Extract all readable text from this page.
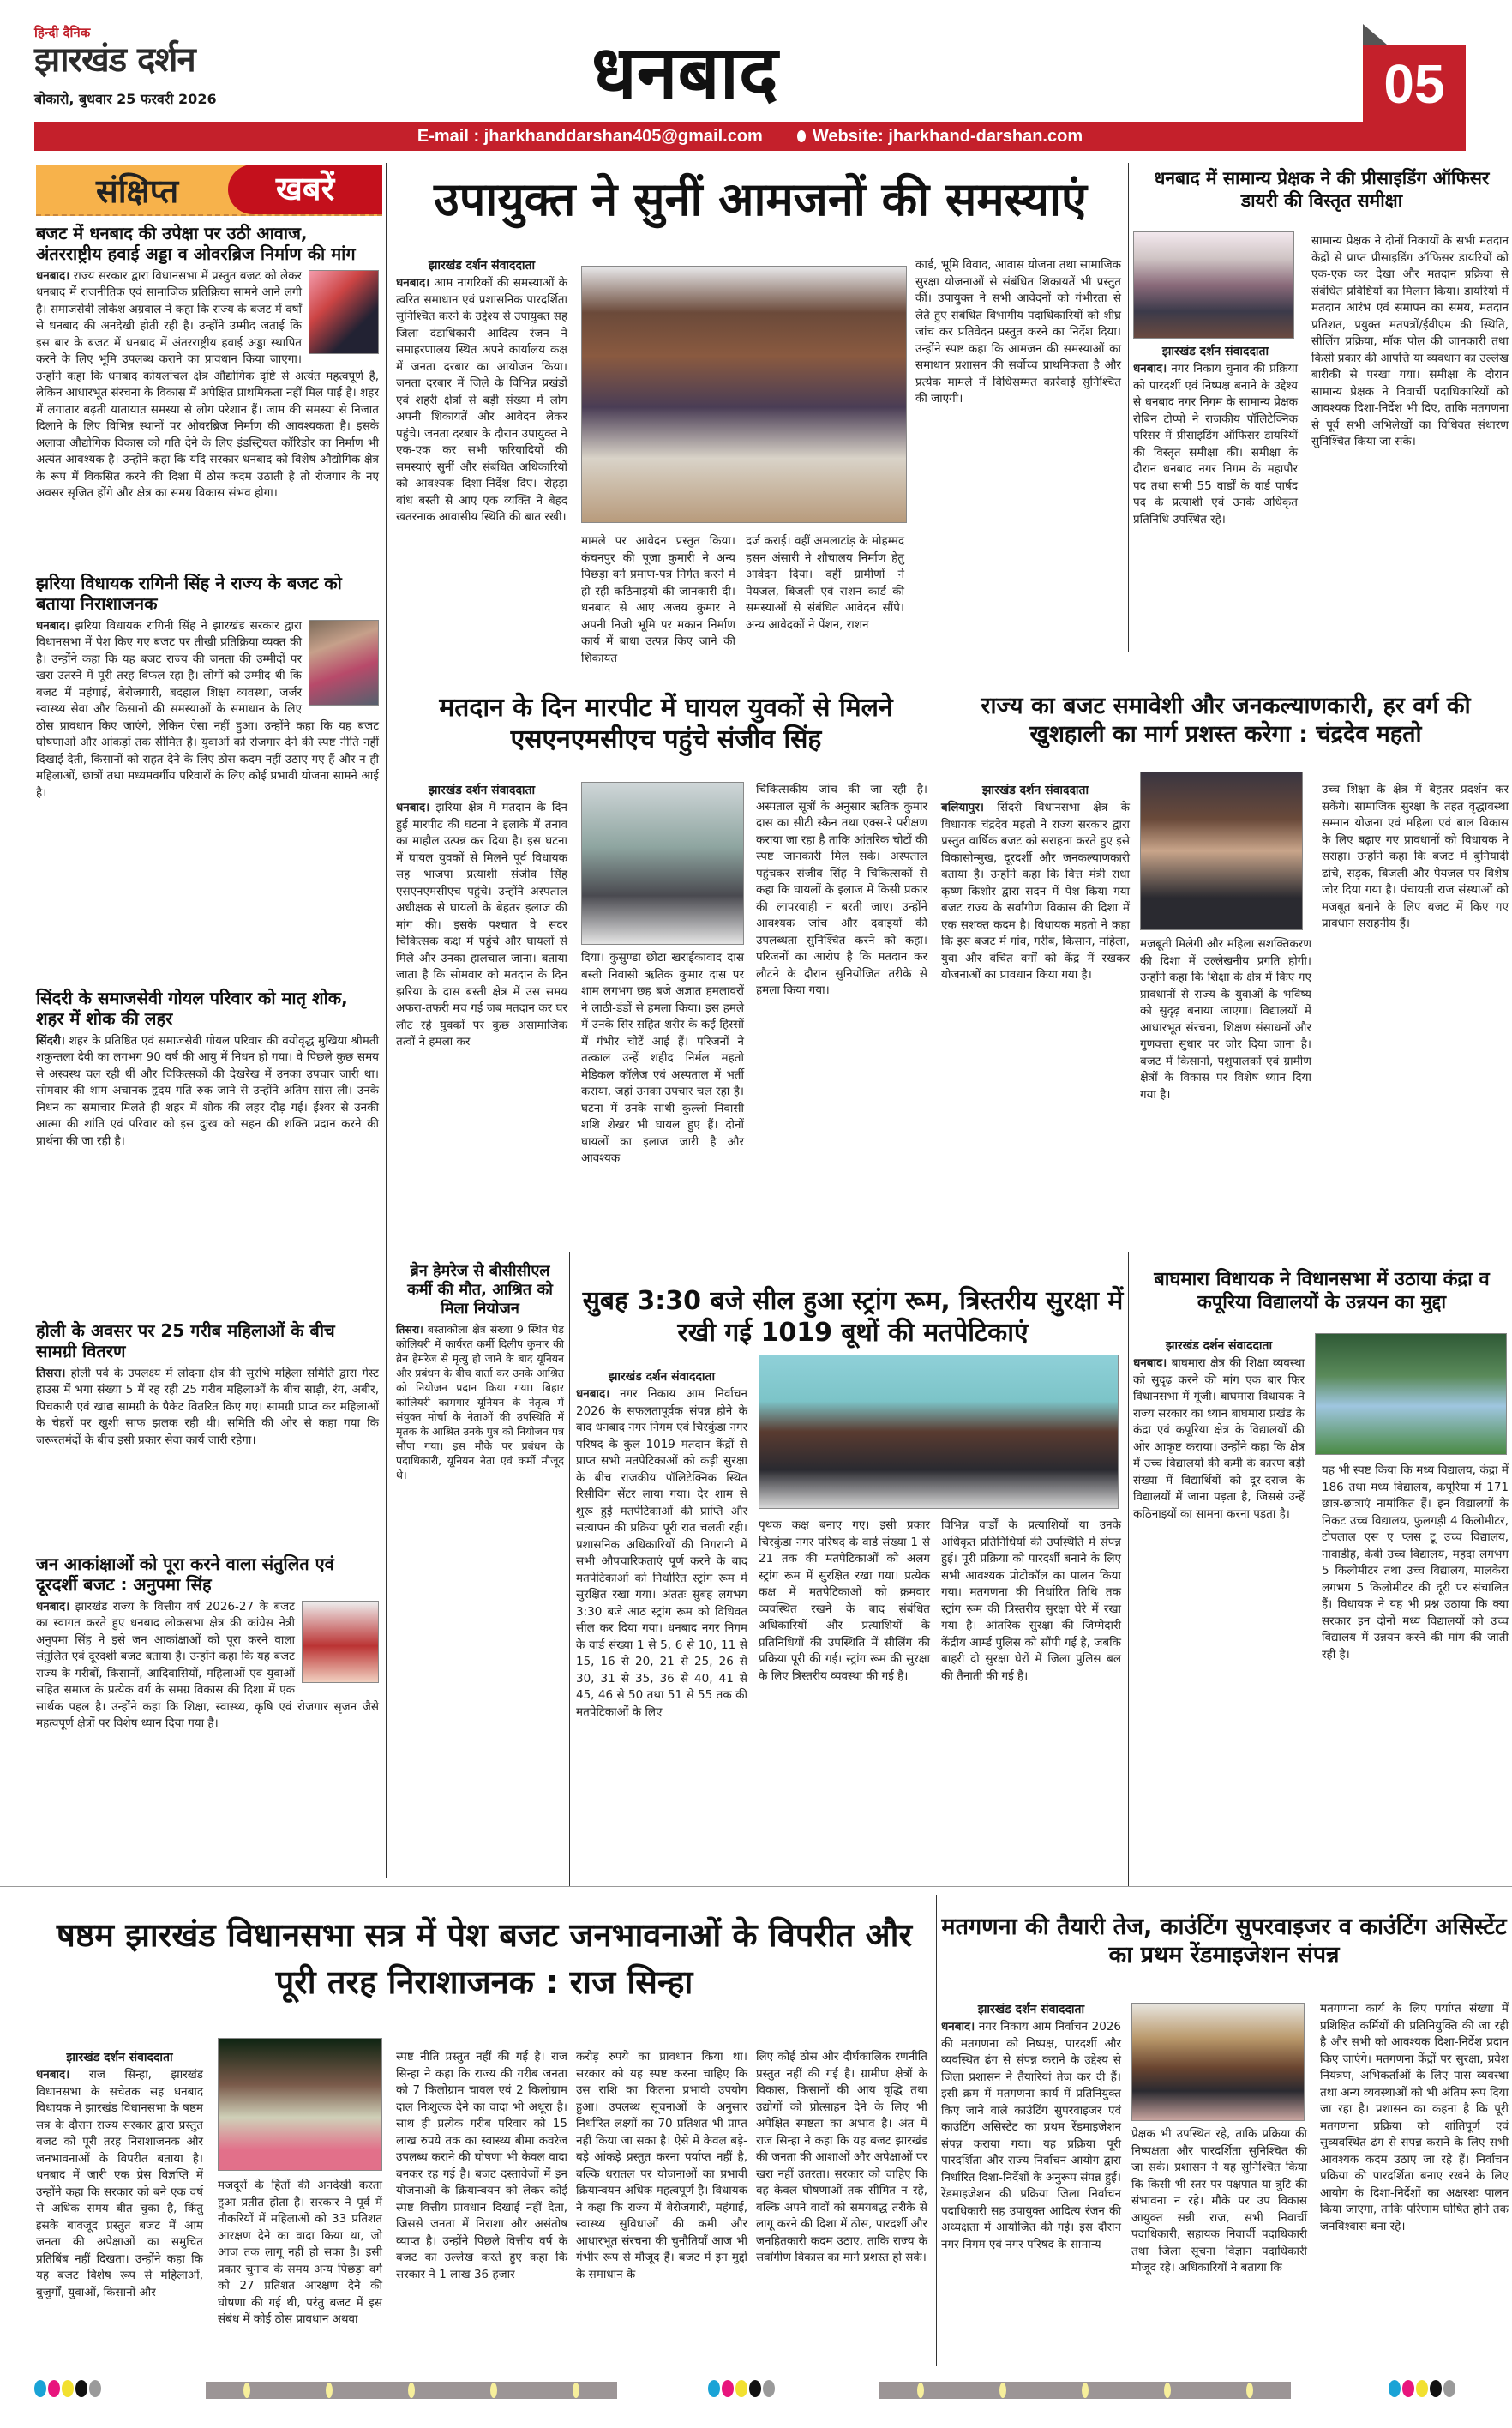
हिन्दी दैनिक
झारखंड दर्शन
बोकारो, बुधवार 25 फरवरी 2026	धनबाद	05
E-mail : jharkhanddarshan405@gmail.com	Website: jharkhand-darshan.com
संक्षिप्त	खबरें
बजट में धनबाद की उपेक्षा पर उठी आवाज, अंतरराष्ट्रीय हवाई अड्डा व ओवरब्रिज निर्माण की मांग

धनबाद। राज्य सरकार द्वारा विधानसभा में प्रस्तुत बजट को लेकर धनबाद में राजनीतिक एवं सामाजिक प्रतिक्रिया सामने आने लगी है। समाजसेवी लोकेश अग्रवाल ने कहा कि राज्य के बजट में वर्षों से धनबाद की अनदेखी होती रही है। उन्होंने उम्मीद जताई कि इस बार के बजट में धनबाद में अंतरराष्ट्रीय हवाई अड्डा स्थापित करने के लिए भूमि उपलब्ध कराने का प्रावधान किया जाएगा। उन्होंने कहा कि धनबाद कोयलांचल क्षेत्र औद्योगिक दृष्टि से अत्यंत महत्वपूर्ण है, लेकिन आधारभूत संरचना के विकास में अपेक्षित प्राथमिकता नहीं मिल पाई है। शहर में लगातार बढ़ती यातायात समस्या से लोग परेशान हैं। जाम की समस्या से निजात दिलाने के लिए विभिन्न स्थानों पर ओवरब्रिज निर्माण की आवश्यकता है। इसके अलावा औद्योगिक विकास को गति देने के लिए इंडस्ट्रियल कॉरिडोर का निर्माण भी अत्यंत आवश्यक है। उन्होंने कहा कि यदि सरकार धनबाद को विशेष औद्योगिक क्षेत्र के रूप में विकसित करने की दिशा में ठोस कदम उठाती है तो रोजगार के नए अवसर सृजित होंगे और क्षेत्र का समग्र विकास संभव होगा।

झरिया विधायक रागिनी सिंह ने राज्य के बजट को बताया निराशाजनक

धनबाद। झरिया विधायक रागिनी सिंह ने झारखंड सरकार द्वारा विधानसभा में पेश किए गए बजट पर तीखी प्रतिक्रिया व्यक्त की है। उन्होंने कहा कि यह बजट राज्य की जनता की उम्मीदों पर खरा उतरने में पूरी तरह विफल रहा है। लोगों को उम्मीद थी कि बजट में महंगाई, बेरोजगारी, बदहाल शिक्षा व्यवस्था, जर्जर स्वास्थ्य सेवा और किसानों की समस्याओं के समाधान के लिए ठोस प्रावधान किए जाएंगे, लेकिन ऐसा नहीं हुआ। उन्होंने कहा कि यह बजट घोषणाओं और आंकड़ों तक सीमित है। युवाओं को रोजगार देने की स्पष्ट नीति नहीं दिखाई देती, किसानों को राहत देने के लिए ठोस कदम नहीं उठाए गए हैं और न ही महिलाओं, छात्रों तथा मध्यमवर्गीय परिवारों के लिए कोई प्रभावी योजना सामने आई है।

सिंदरी के समाजसेवी गोयल परिवार को मातृ शोक, शहर में शोक की लहर

सिंदरी। शहर के प्रतिष्ठित एवं समाजसेवी गोयल परिवार की वयोवृद्ध मुखिया श्रीमती शकुन्तला देवी का लगभग 90 वर्ष की आयु में निधन हो गया। वे पिछले कुछ समय से अस्वस्थ चल रही थीं और चिकित्सकों की देखरेख में उनका उपचार जारी था। सोमवार की शाम अचानक हृदय गति रुक जाने से उन्होंने अंतिम सांस ली। उनके निधन का समाचार मिलते ही शहर में शोक की लहर दौड़ गई। ईश्वर से उनकी आत्मा की शांति एवं परिवार को इस दुःख को सहन की शक्ति प्रदान करने की प्रार्थना की जा रही है।

होली के अवसर पर 25 गरीब महिलाओं के बीच सामग्री वितरण

तिसरा। होली पर्व के उपलक्ष्य में लोदना क्षेत्र की सुरभि महिला समिति द्वारा गेस्ट हाउस में भगा संख्या 5 में रह रही 25 गरीब महिलाओं के बीच साड़ी, रंग, अबीर, पिचकारी एवं खाद्य सामग्री के पैकेट वितरित किए गए। सामग्री प्राप्त कर महिलाओं के चेहरों पर खुशी साफ झलक रही थी। समिति की ओर से कहा गया कि जरूरतमंदों के बीच इसी प्रकार सेवा कार्य जारी रहेगा।

जन आकांक्षाओं को पूरा करने वाला संतुलित एवं दूरदर्शी बजट : अनुपमा सिंह

धनबाद। झारखंड राज्य के वित्तीय वर्ष 2026-27 के बजट का स्वागत करते हुए धनबाद लोकसभा क्षेत्र की कांग्रेस नेत्री अनुपमा सिंह ने इसे जन आकांक्षाओं को पूरा करने वाला संतुलित एवं दूरदर्शी बजट बताया है। उन्होंने कहा कि यह बजट राज्य के गरीबों, किसानों, आदिवासियों, महिलाओं एवं युवाओं सहित समाज के प्रत्येक वर्ग के समग्र विकास की दिशा में एक सार्थक पहल है। उन्होंने कहा कि शिक्षा, स्वास्थ्य, कृषि एवं रोजगार सृजन जैसे महत्वपूर्ण क्षेत्रों पर विशेष ध्यान दिया गया है।

उपायुक्त ने सुनीं आमजनों की समस्याएं
झारखंड दर्शन संवाददाता

धनबाद। आम नागरिकों की समस्याओं के त्वरित समाधान एवं प्रशासनिक पारदर्शिता सुनिश्चित करने के उद्देश्य से उपायुक्त सह जिला दंडाधिकारी आदित्य रंजन ने समाहरणालय स्थित अपने कार्यालय कक्ष में जनता दरबार का आयोजन किया। जनता दरबार में जिले के विभिन्न प्रखंडों एवं शहरी क्षेत्रों से बड़ी संख्या में लोग अपनी शिकायतें और आवेदन लेकर पहुंचे। जनता दरबार के दौरान उपायुक्त ने एक-एक कर सभी फरियादियों की समस्याएं सुनीं और संबंधित अधिकारियों को आवश्यक दिशा-निर्देश दिए। रोहड़ा बांध बस्ती से आए एक व्यक्ति ने बेहद खतरनाक आवासीय स्थिति की बात रखी।

मामले पर आवेदन प्रस्तुत किया। कंचनपुर की पूजा कुमारी ने अन्य पिछड़ा वर्ग प्रमाण-पत्र निर्गत करने में हो रही कठिनाइयों की जानकारी दी। धनबाद से आए अजय कुमार ने अपनी निजी भूमि पर मकान निर्माण कार्य में बाधा उत्पन्न किए जाने की शिकायत

दर्ज कराई। वहीं अमलाटांड़ के मोहम्मद हसन अंसारी ने शौचालय निर्माण हेतु आवेदन दिया। वहीं ग्रामीणों ने पेयजल, बिजली एवं राशन कार्ड की समस्याओं से संबंधित आवेदन सौंपे। अन्य आवेदकों ने पेंशन, राशन

कार्ड, भूमि विवाद, आवास योजना तथा सामाजिक सुरक्षा योजनाओं से संबंधित शिकायतें भी प्रस्तुत कीं। उपायुक्त ने सभी आवेदनों को गंभीरता से लेते हुए संबंधित विभागीय पदाधिकारियों को शीघ्र जांच कर प्रतिवेदन प्रस्तुत करने का निर्देश दिया। उन्होंने स्पष्ट कहा कि आमजन की समस्याओं का समाधान प्रशासन की सर्वोच्च प्राथमिकता है और प्रत्येक मामले में विधिसम्मत कार्रवाई सुनिश्चित की जाएगी।

धनबाद में सामान्य प्रेक्षक ने की प्रीसाइडिंग ऑफिसर डायरी की विस्तृत समीक्षा
झारखंड दर्शन संवाददाता

धनबाद। नगर निकाय चुनाव की प्रक्रिया को पारदर्शी एवं निष्पक्ष बनाने के उद्देश्य से धनबाद नगर निगम के सामान्य प्रेक्षक रोबिन टोप्पो ने राजकीय पॉलिटेक्निक परिसर में प्रीसाइडिंग ऑफिसर डायरियों की विस्तृत समीक्षा की। समीक्षा के दौरान धनबाद नगर निगम के महापौर पद तथा सभी 55 वार्डों के वार्ड पार्षद पद के प्रत्याशी एवं उनके अधिकृत प्रतिनिधि उपस्थित रहे।

सामान्य प्रेक्षक ने दोनों निकायों के सभी मतदान केंद्रों से प्राप्त प्रीसाइडिंग ऑफिसर डायरियों को एक-एक कर देखा और मतदान प्रक्रिया से संबंधित प्रविष्टियों का मिलान किया। डायरियों में मतदान आरंभ एवं समापन का समय, मतदान प्रतिशत, प्रयुक्त मतपत्रों/ईवीएम की स्थिति, सीलिंग प्रक्रिया, मॉक पोल की जानकारी तथा किसी प्रकार की आपत्ति या व्यवधान का उल्लेख बारीकी से परखा गया। समीक्षा के दौरान सामान्य प्रेक्षक ने निवार्ची पदाधिकारियों को आवश्यक दिशा-निर्देश भी दिए, ताकि मतगणना से पूर्व सभी अभिलेखों का विधिवत संधारण सुनिश्चित किया जा सके।

मतदान के दिन मारपीट में घायल युवकों से मिलने एसएनएमसीएच पहुंचे संजीव सिंह
झारखंड दर्शन संवाददाता

धनबाद। झरिया क्षेत्र में मतदान के दिन हुई मारपीट की घटना ने इलाके में तनाव का माहौल उत्पन्न कर दिया है। इस घटना में घायल युवकों से मिलने पूर्व विधायक सह भाजपा प्रत्याशी संजीव सिंह एसएनएमसीएच पहुंचे। उन्होंने अस्पताल अधीक्षक से घायलों के बेहतर इलाज की मांग की। इसके पश्चात वे सदर चिकित्सक कक्ष में पहुंचे और घायलों से मिले और उनका हालचाल जाना। बताया जाता है कि सोमवार को मतदान के दिन झरिया के दास बस्ती क्षेत्र में उस समय अफरा-तफरी मच गई जब मतदान कर घर लौट रहे युवकों पर कुछ असामाजिक तत्वों ने हमला कर

दिया। कुसुण्डा छोटा खराईकावाद दास बस्ती निवासी ऋतिक कुमार दास पर शाम लगभग छह बजे अज्ञात हमलावरों ने लाठी-डंडों से हमला किया। इस हमले में उनके सिर सहित शरीर के कई हिस्सों में गंभीर चोटें आई हैं। परिजनों ने तत्काल उन्हें शहीद निर्मल महतो मेडिकल कॉलेज एवं अस्पताल में भर्ती कराया, जहां उनका उपचार चल रहा है। घटना में उनके साथी कुल्लो निवासी शशि शेखर भी घायल हुए हैं। दोनों घायलों का इलाज जारी है और आवश्यक

चिकित्सकीय जांच की जा रही है। अस्पताल सूत्रों के अनुसार ऋतिक कुमार दास का सीटी स्कैन तथा एक्स-रे परीक्षण कराया जा रहा है ताकि आंतरिक चोटों की स्पष्ट जानकारी मिल सके। अस्पताल पहुंचकर संजीव सिंह ने चिकित्सकों से कहा कि घायलों के इलाज में किसी प्रकार की लापरवाही न बरती जाए। उन्होंने आवश्यक जांच और दवाइयों की उपलब्धता सुनिश्चित करने को कहा। परिजनों का आरोप है कि मतदान कर लौटने के दौरान सुनियोजित तरीके से हमला किया गया।

ब्रेन हेमरेज से बीसीसीएल कर्मी की मौत, आश्रित को मिला नियोजन

तिसरा। बस्ताकोला क्षेत्र संख्या 9 स्थित घेड़ कोलियरी में कार्यरत कर्मी दिलीप कुमार की ब्रेन हेमरेज से मृत्यु हो जाने के बाद यूनियन और प्रबंधन के बीच वार्ता कर उनके आश्रित को नियोजन प्रदान किया गया। बिहार कोलियरी कामगार यूनियन के नेतृत्व में संयुक्त मोर्चा के नेताओं की उपस्थिति में मृतक के आश्रित उनके पुत्र को नियोजन पत्र सौंपा गया। इस मौके पर प्रबंधन के पदाधिकारी, यूनियन नेता एवं कर्मी मौजूद थे।

राज्य का बजट समावेशी और जनकल्याणकारी, हर वर्ग की खुशहाली का मार्ग प्रशस्त करेगा : चंद्रदेव महतो
झारखंड दर्शन संवाददाता

बलियापुर। सिंदरी विधानसभा क्षेत्र के विधायक चंद्रदेव महतो ने राज्य सरकार द्वारा प्रस्तुत वार्षिक बजट को सराहना करते हुए इसे विकासोन्मुख, दूरदर्शी और जनकल्याणकारी बताया है। उन्होंने कहा कि वित्त मंत्री राधा कृष्ण किशोर द्वारा सदन में पेश किया गया बजट राज्य के सर्वांगीण विकास की दिशा में एक सशक्त कदम है। विधायक महतो ने कहा कि इस बजट में गांव, गरीब, किसान, महिला, युवा और वंचित वर्गों को केंद्र में रखकर योजनाओं का प्रावधान किया गया है।

मजबूती मिलेगी और महिला सशक्तिकरण की दिशा में उल्लेखनीय प्रगति होगी। उन्होंने कहा कि शिक्षा के क्षेत्र में किए गए प्रावधानों से राज्य के युवाओं के भविष्य को सुदृढ़ बनाया जाएगा। विद्यालयों में आधारभूत संरचना, शिक्षण संसाधनों और गुणवत्ता सुधार पर जोर दिया जाना है। बजट में किसानों, पशुपालकों एवं ग्रामीण क्षेत्रों के विकास पर विशेष ध्यान दिया गया है।

उच्च शिक्षा के क्षेत्र में बेहतर प्रदर्शन कर सकेंगे। सामाजिक सुरक्षा के तहत वृद्धावस्था सम्मान योजना एवं महिला एवं बाल विकास के लिए बढ़ाए गए प्रावधानों को विधायक ने सराहा। उन्होंने कहा कि बजट में बुनियादी ढांचे, सड़क, बिजली और पेयजल पर विशेष जोर दिया गया है। पंचायती राज संस्थाओं को मजबूत बनाने के लिए बजट में किए गए प्रावधान सराहनीय हैं।

सुबह 3:30 बजे सील हुआ स्ट्रांग रूम, त्रिस्तरीय सुरक्षा में रखी गई 1019 बूथों की मतपेटिकाएं
झारखंड दर्शन संवाददाता

धनबाद। नगर निकाय आम निर्वाचन 2026 के सफलतापूर्वक संपन्न होने के बाद धनबाद नगर निगम एवं चिरकुंडा नगर परिषद के कुल 1019 मतदान केंद्रों से प्राप्त सभी मतपेटिकाओं को कड़ी सुरक्षा के बीच राजकीय पॉलिटेक्निक स्थित रिसीविंग सेंटर लाया गया। देर शाम से शुरू हुई मतपेटिकाओं की प्राप्ति और सत्यापन की प्रक्रिया पूरी रात चलती रही। प्रशासनिक अधिकारियों की निगरानी में सभी औपचारिकताएं पूर्ण करने के बाद मतपेटिकाओं को निर्धारित स्ट्रांग रूम में सुरक्षित रखा गया। अंततः सुबह लगभग 3:30 बजे आठ स्ट्रांग रूम को विधिवत सील कर दिया गया। धनबाद नगर निगम के वार्ड संख्या 1 से 5, 6 से 10, 11 से 15, 16 से 20, 21 से 25, 26 से 30, 31 से 35, 36 से 40, 41 से 45, 46 से 50 तथा 51 से 55 तक की मतपेटिकाओं के लिए

पृथक कक्ष बनाए गए। इसी प्रकार चिरकुंडा नगर परिषद के वार्ड संख्या 1 से 21 तक की मतपेटिकाओं को अलग स्ट्रांग रूम में सुरक्षित रखा गया। प्रत्येक कक्ष में मतपेटिकाओं को क्रमवार व्यवस्थित रखने के बाद संबंधित अधिकारियों और प्रत्याशियों के प्रतिनिधियों की उपस्थिति में सीलिंग की प्रक्रिया पूरी की गई। स्ट्रांग रूम की सुरक्षा के लिए त्रिस्तरीय व्यवस्था की गई है।

विभिन्न वार्डों के प्रत्याशियों या उनके अधिकृत प्रतिनिधियों की उपस्थिति में संपन्न हुई। पूरी प्रक्रिया को पारदर्शी बनाने के लिए सभी आवश्यक प्रोटोकॉल का पालन किया गया। मतगणना की निर्धारित तिथि तक स्ट्रांग रूम की त्रिस्तरीय सुरक्षा घेरे में रखा गया है। आंतरिक सुरक्षा की जिम्मेदारी केंद्रीय आर्म्ड पुलिस को सौंपी गई है, जबकि बाहरी दो सुरक्षा घेरों में जिला पुलिस बल की तैनाती की गई है।

बाघमारा विधायक ने विधानसभा में उठाया कंद्रा व कपूरिया विद्यालयों के उन्नयन का मुद्दा
झारखंड दर्शन संवाददाता

धनबाद। बाघमारा क्षेत्र की शिक्षा व्यवस्था को सुदृढ़ करने की मांग एक बार फिर विधानसभा में गूंजी। बाघमारा विधायक ने राज्य सरकार का ध्यान बाघमारा प्रखंड के कंद्रा एवं कपूरिया क्षेत्र के विद्यालयों की ओर आकृष्ट कराया। उन्होंने कहा कि क्षेत्र में उच्च विद्यालयों की कमी के कारण बड़ी संख्या में विद्यार्थियों को दूर-दराज के विद्यालयों में जाना पड़ता है, जिससे उन्हें कठिनाइयों का सामना करना पड़ता है।

यह भी स्पष्ट किया कि मध्य विद्यालय, कंद्रा में 186 तथा मध्य विद्यालय, कपूरिया में 171 छात्र-छात्राएं नामांकित हैं। इन विद्यालयों के निकट उच्च विद्यालय, फुलगड़ी 4 किलोमीटर, टोपलाल एस ए प्लस टू उच्च विद्यालय, नावाडीह, केबी उच्च विद्यालय, महदा लगभग 5 किलोमीटर तथा उच्च विद्यालय, मालकेरा लगभग 5 किलोमीटर की दूरी पर संचालित हैं। विधायक ने यह भी प्रश्न उठाया कि क्या सरकार इन दोनों मध्य विद्यालयों को उच्च विद्यालय में उन्नयन करने की मांग की जाती रही है।

षष्ठम झारखंड विधानसभा सत्र में पेश बजट जनभावनाओं के विपरीत और पूरी तरह निराशाजनक : राज सिन्हा
झारखंड दर्शन संवाददाता

धनबाद। राज सिन्हा, झारखंड विधानसभा के सचेतक सह धनबाद विधायक ने झारखंड विधानसभा के षष्ठम सत्र के दौरान राज्य सरकार द्वारा प्रस्तुत बजट को पूरी तरह निराशाजनक और जनभावनाओं के विपरीत बताया है। धनबाद में जारी एक प्रेस विज्ञप्ति में उन्होंने कहा कि सरकार को बने एक वर्ष से अधिक समय बीत चुका है, किंतु इसके बावजूद प्रस्तुत बजट में आम जनता की अपेक्षाओं का समुचित प्रतिबिंब नहीं दिखता। उन्होंने कहा कि यह बजट विशेष रूप से महिलाओं, बुजुर्गों, युवाओं, किसानों और

मजदूरों के हितों की अनदेखी करता हुआ प्रतीत होता है। सरकार ने पूर्व में नौकरियों में महिलाओं को 33 प्रतिशत आरक्षण देने का वादा किया था, जो आज तक लागू नहीं हो सका है। इसी प्रकार चुनाव के समय अन्य पिछड़ा वर्ग को 27 प्रतिशत आरक्षण देने की घोषणा की गई थी, परंतु बजट में इस संबंध में कोई ठोस प्रावधान अथवा

स्पष्ट नीति प्रस्तुत नहीं की गई है। राज सिन्हा ने कहा कि राज्य की गरीब जनता को 7 किलोग्राम चावल एवं 2 किलोग्राम दाल निःशुल्क देने का वादा भी अधूरा है। साथ ही प्रत्येक गरीब परिवार को 15 लाख रुपये तक का स्वास्थ्य बीमा कवरेज उपलब्ध कराने की घोषणा भी केवल वादा बनकर रह गई है। बजट दस्तावेजों में इन योजनाओं के क्रियान्वयन को लेकर कोई स्पष्ट वित्तीय प्रावधान दिखाई नहीं देता, जिससे जनता में निराशा और असंतोष व्याप्त है। उन्होंने पिछले वित्तीय वर्ष के बजट का उल्लेख करते हुए कहा कि सरकार ने 1 लाख 36 हजार

करोड़ रुपये का प्रावधान किया था। सरकार को यह स्पष्ट करना चाहिए कि उस राशि का कितना प्रभावी उपयोग हुआ। उपलब्ध सूचनाओं के अनुसार निर्धारित लक्ष्यों का 70 प्रतिशत भी प्राप्त नहीं किया जा सका है। ऐसे में केवल बड़े-बड़े आंकड़े प्रस्तुत करना पर्याप्त नहीं है, बल्कि धरातल पर योजनाओं का प्रभावी क्रियान्वयन अधिक महत्वपूर्ण है। विधायक ने कहा कि राज्य में बेरोजगारी, महंगाई, स्वास्थ्य सुविधाओं की कमी और आधारभूत संरचना की चुनौतियाँ आज भी गंभीर रूप से मौजूद हैं। बजट में इन मुद्दों के समाधान के

लिए कोई ठोस और दीर्घकालिक रणनीति प्रस्तुत नहीं की गई है। ग्रामीण क्षेत्रों के विकास, किसानों की आय वृद्धि तथा उद्योगों को प्रोत्साहन देने के लिए भी अपेक्षित स्पष्टता का अभाव है। अंत में राज सिन्हा ने कहा कि यह बजट झारखंड की जनता की आशाओं और अपेक्षाओं पर खरा नहीं उतरता। सरकार को चाहिए कि वह केवल घोषणाओं तक सीमित न रहे, बल्कि अपने वादों को समयबद्ध तरीके से लागू करने की दिशा में ठोस, पारदर्शी और जनहितकारी कदम उठाए, ताकि राज्य के सर्वांगीण विकास का मार्ग प्रशस्त हो सके।

मतगणना की तैयारी तेज, काउंटिंग सुपरवाइजर व काउंटिंग असिस्टेंट का प्रथम रेंडमाइजेशन संपन्न
झारखंड दर्शन संवाददाता

धनबाद। नगर निकाय आम निर्वाचन 2026 की मतगणना को निष्पक्ष, पारदर्शी और व्यवस्थित ढंग से संपन्न कराने के उद्देश्य से जिला प्रशासन ने तैयारियां तेज कर दी हैं। इसी क्रम में मतगणना कार्य में प्रतिनियुक्त किए जाने वाले काउंटिंग सुपरवाइजर एवं काउंटिंग असिस्टेंट का प्रथम रेंडमाइजेशन संपन्न कराया गया। यह प्रक्रिया पूरी पारदर्शिता और राज्य निर्वाचन आयोग द्वारा निर्धारित दिशा-निर्देशों के अनुरूप संपन्न हुई। रेंडमाइजेशन की प्रक्रिया जिला निर्वाचन पदाधिकारी सह उपायुक्त आदित्य रंजन की अध्यक्षता में आयोजित की गई। इस दौरान नगर निगम एवं नगर परिषद के सामान्य

प्रेक्षक भी उपस्थित रहे, ताकि प्रक्रिया की निष्पक्षता और पारदर्शिता सुनिश्चित की जा सके। प्रशासन ने यह सुनिश्चित किया कि किसी भी स्तर पर पक्षपात या त्रुटि की संभावना न रहे। मौके पर उप विकास आयुक्त सन्नी राज, सभी निवार्ची पदाधिकारी, सहायक निवार्ची पदाधिकारी तथा जिला सूचना विज्ञान पदाधिकारी मौजूद रहे। अधिकारियों ने बताया कि

मतगणना कार्य के लिए पर्याप्त संख्या में प्रशिक्षित कर्मियों की प्रतिनियुक्ति की जा रही है और सभी को आवश्यक दिशा-निर्देश प्रदान किए जाएंगे। मतगणना केंद्रों पर सुरक्षा, प्रवेश नियंत्रण, अभिकर्ताओं के लिए पास व्यवस्था तथा अन्य व्यवस्थाओं को भी अंतिम रूप दिया जा रहा है। प्रशासन का कहना है कि पूरी मतगणना प्रक्रिया को शांतिपूर्ण एवं सुव्यवस्थित ढंग से संपन्न कराने के लिए सभी आवश्यक कदम उठाए जा रहे हैं। निर्वाचन प्रक्रिया की पारदर्शिता बनाए रखने के लिए आयोग के दिशा-निर्देशों का अक्षरशः पालन किया जाएगा, ताकि परिणाम घोषित होने तक जनविश्वास बना रहे।
